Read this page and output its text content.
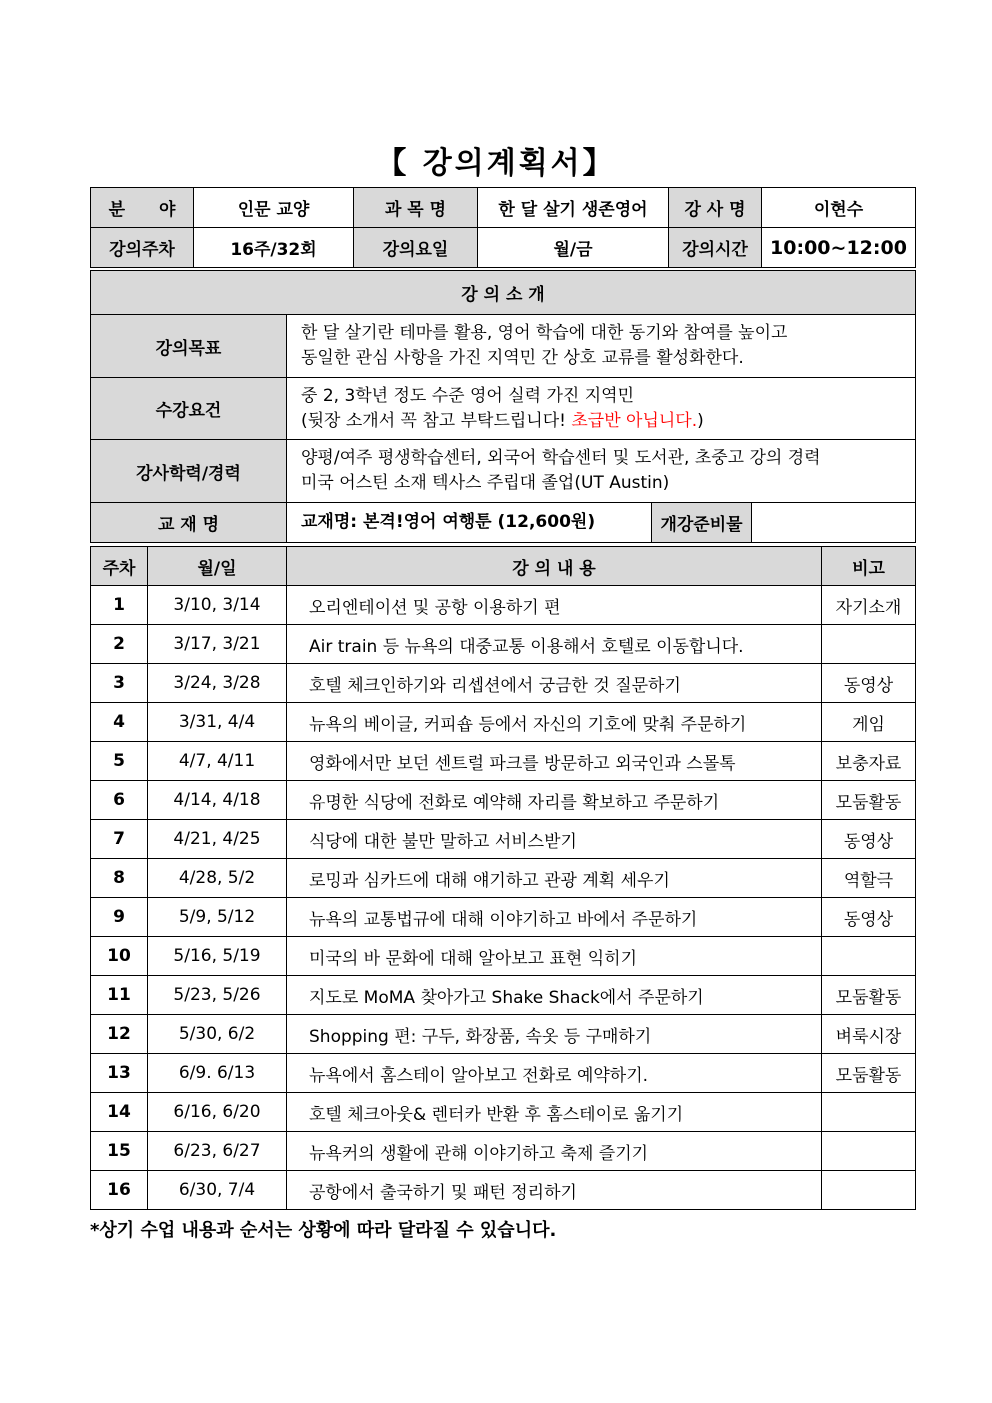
【 강의계획서】
분　　야	인문 교양	과 목 명	한 달 살기 생존영어	강 사 명	이현수
강의주차	16주/32회	강의요일	월/금	강의시간	10:00~12:00
강 의 소 개			
강의목표	한 달 살기란 테마를 활용, 영어 학습에 대한 동기와 참여를 높이고
동일한 관심 사항을 가진 지역민 간 상호 교류를 활성화한다.		

수강요건	중 2, 3학년 정도 수준 영어 실력 가진 지역민
(뒷장 소개서 꼭 참고 부탁드립니다! 초급반 아닙니다.)		

강사학력/경력	양평/여주 평생학습센터, 외국어 학습센터 및 도서관, 초중고 강의 경력
미국 어스틴 소재 텍사스 주립대 졸업(UT Austin)		

교 재 명	교재명: 본격!영어 여행툰 (12,600원)	개강준비물	
주차	월/일	강 의 내 용	비고
1	3/10, 3/14	오리엔테이션 및 공항 이용하기 편	자기소개
2	3/17, 3/21	Air train 등 뉴욕의 대중교통 이용해서 호텔로 이동합니다.	
3	3/24, 3/28	호텔 체크인하기와 리셉션에서 궁금한 것 질문하기	동영상
4	3/31, 4/4	뉴욕의 베이글, 커피숍 등에서 자신의 기호에 맞춰 주문하기	게임
5	4/7, 4/11	영화에서만 보던 센트럴 파크를 방문하고 외국인과 스몰톡	보충자료
6	4/14, 4/18	유명한 식당에 전화로 예약해 자리를 확보하고 주문하기	모둠활동
7	4/21, 4/25	식당에 대한 불만 말하고 서비스받기	동영상
8	4/28, 5/2	로밍과 심카드에 대해 얘기하고 관광 계획 세우기	역할극
9	5/9, 5/12	뉴욕의 교통법규에 대해 이야기하고 바에서 주문하기	동영상
10	5/16, 5/19	미국의 바 문화에 대해 알아보고 표현 익히기	
11	5/23, 5/26	지도로 MoMA 찾아가고 Shake Shack에서 주문하기	모둠활동
12	5/30, 6/2	Shopping 편: 구두, 화장품, 속옷 등 구매하기	벼룩시장
13	6/9. 6/13	뉴욕에서 홈스테이 알아보고 전화로 예약하기.	모둠활동
14	6/16, 6/20	호텔 체크아웃& 렌터카 반환 후 홈스테이로 옮기기	
15	6/23, 6/27	뉴욕커의 생활에 관해 이야기하고 축제 즐기기	
16	6/30, 7/4	공항에서 출국하기 및 패턴 정리하기	
*상기 수업 내용과 순서는 상황에 따라 달라질 수 있습니다.
